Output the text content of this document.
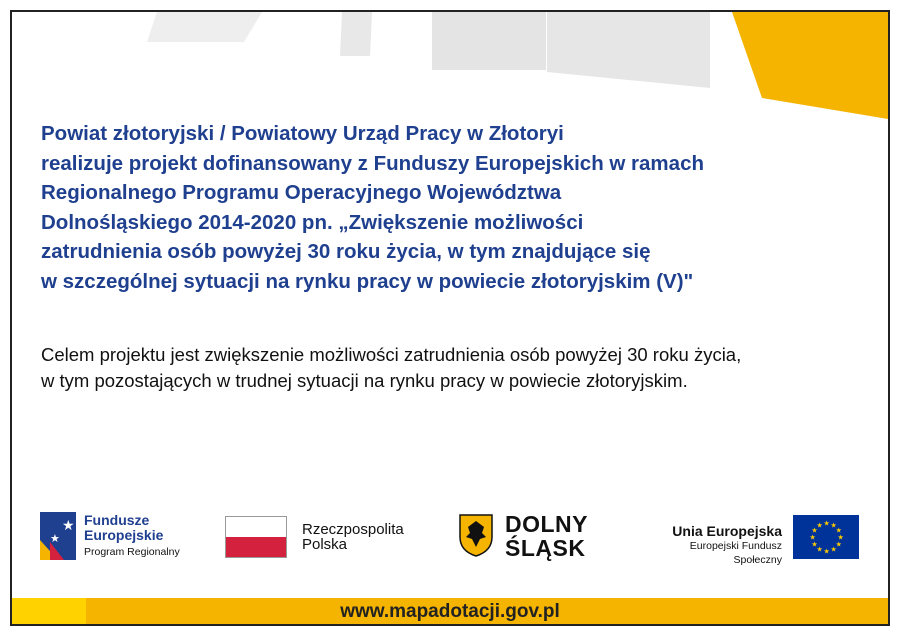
Powiat złotoryjski / Powiatowy Urząd Pracy w Złotoryi
realizuje projekt dofinansowany z Funduszy Europejskich w ramach
Regionalnego Programu Operacyjnego Województwa
Dolnośląskiego 2014-2020 pn. „Zwiększenie możliwości
zatrudnienia osób powyżej 30 roku życia, w tym znajdujące się
w szczególnej sytuacji na rynku pracy w powiecie złotoryjskim (V)"
Celem projektu jest zwiększenie możliwości zatrudnienia osób powyżej 30 roku życia,
w tym pozostających w trudnej sytuacji na rynku pracy w powiecie złotoryjskim.
★
★
Fundusze
Europejskie
Program Regionalny
Rzeczpospolita
Polska
DOLNY
ŚLĄSK
Unia Europejska
Europejski Fundusz Społeczny
★ ★
★
★
★
★
★
★
★
★
★
★
www.mapadotacji.gov.pl
